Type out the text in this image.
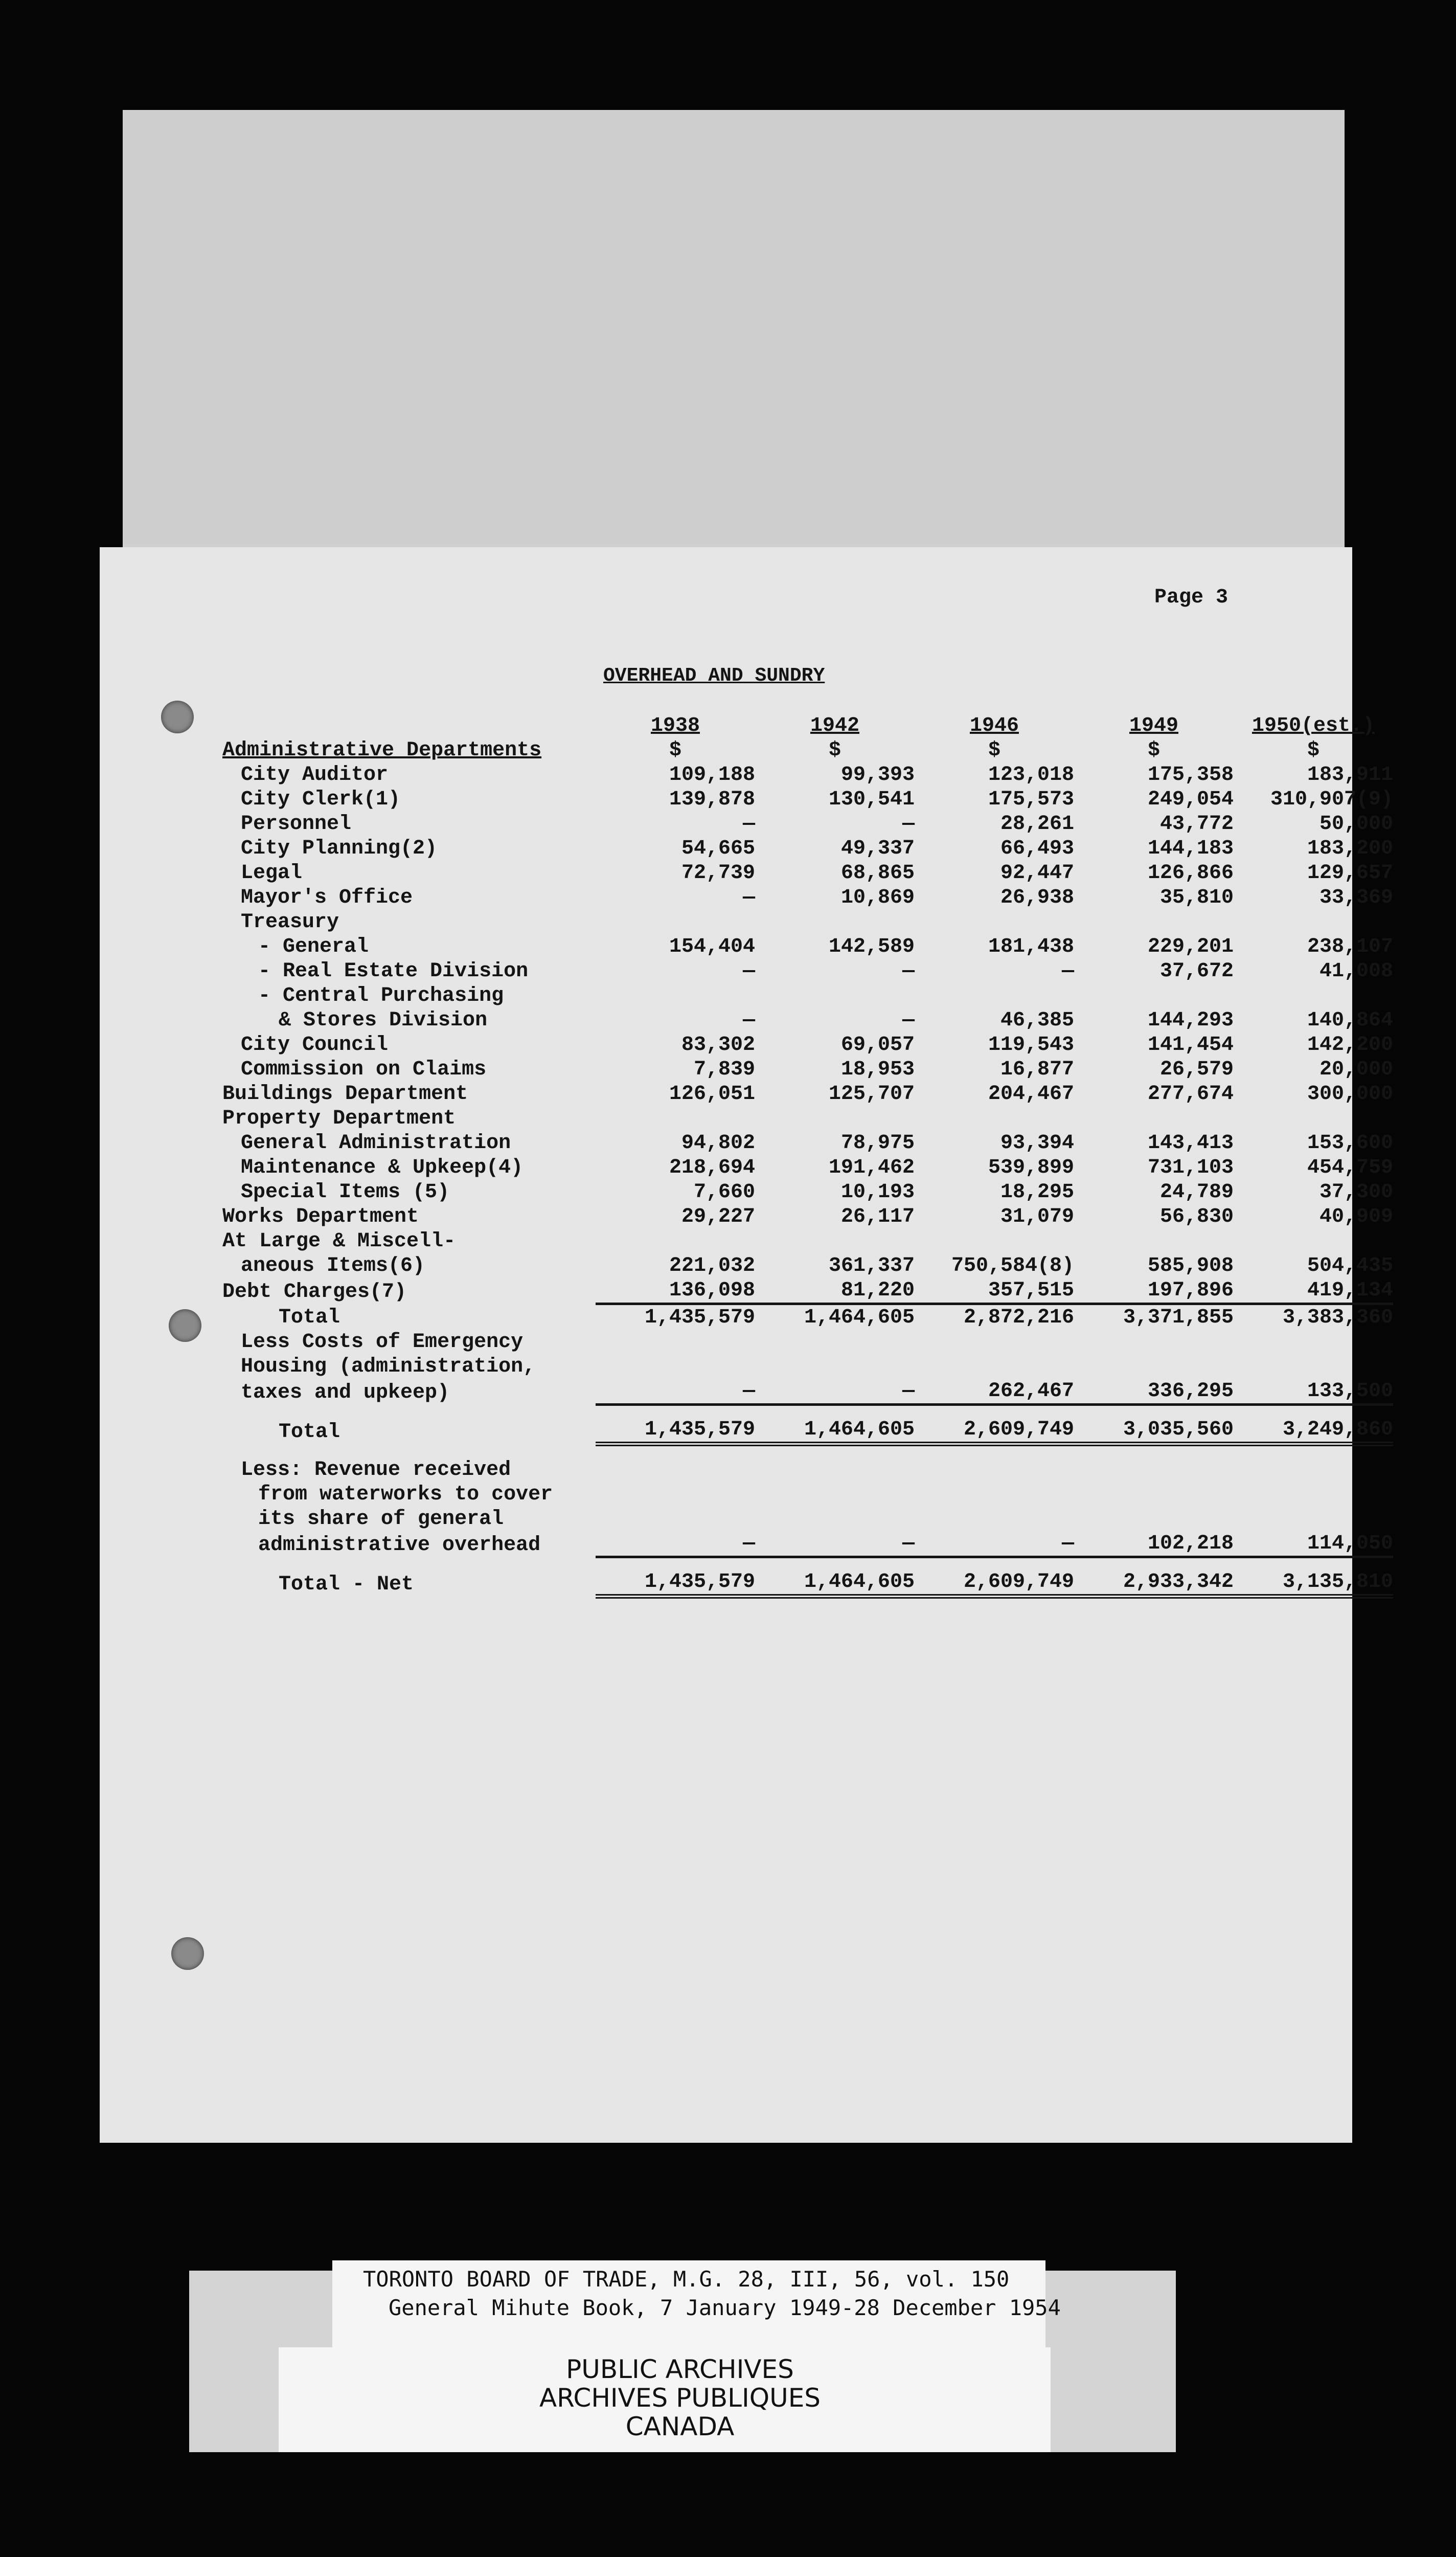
Page 3
OVERHEAD AND SUNDRY
	1938	1942	1946	1949	1950(est.)
Administrative Departments	$	$	$	$	$
City Auditor	109,188	99,393	123,018	175,358	183,911
City Clerk(1)	139,878	130,541	175,573	249,054	310,907(9)
Personnel	—	—	28,261	43,772	50,000
City Planning(2)	54,665	49,337	66,493	144,183	183,200
Legal	72,739	68,865	92,447	126,866	129,657
Mayor's Office	—	10,869	26,938	35,810	33,369
Treasury					
- General	154,404	142,589	181,438	229,201	238,107
- Real Estate Division	—	—	—	37,672	41,008
- Central Purchasing					
& Stores Division	—	—	46,385	144,293	140,864
City Council	83,302	69,057	119,543	141,454	142,200
Commission on Claims	7,839	18,953	16,877	26,579	20,000
Buildings Department	126,051	125,707	204,467	277,674	300,000
Property Department					
General Administration	94,802	78,975	93,394	143,413	153,600
Maintenance & Upkeep(4)	218,694	191,462	539,899	731,103	454,759
Special Items (5)	7,660	10,193	18,295	24,789	37,300
Works Department	29,227	26,117	31,079	56,830	40,909
At Large & Miscell-					
aneous Items(6)	221,032	361,337	750,584(8)	585,908	504,435
Debt Charges(7)	136,098	81,220	357,515	197,896	419,134
Total	1,435,579	1,464,605	2,872,216	3,371,855	3,383,360
Less Costs of Emergency					
Housing (administration,					
taxes and upkeep)	—	—	262,467	336,295	133,500

Total	1,435,579	1,464,605	2,609,749	3,035,560	3,249,860

Less: Revenue received					
from waterworks to cover					
its share of general					
administrative overhead	—	—	—	102,218	114,050

Total - Net	1,435,579	1,464,605	2,609,749	2,933,342	3,135,810
TORONTO BOARD OF TRADE, M.G. 28, III, 56, vol. 150
General Mihute Book, 7 January 1949-28 December 1954
PUBLIC ARCHIVES
ARCHIVES PUBLIQUES
CANADA
